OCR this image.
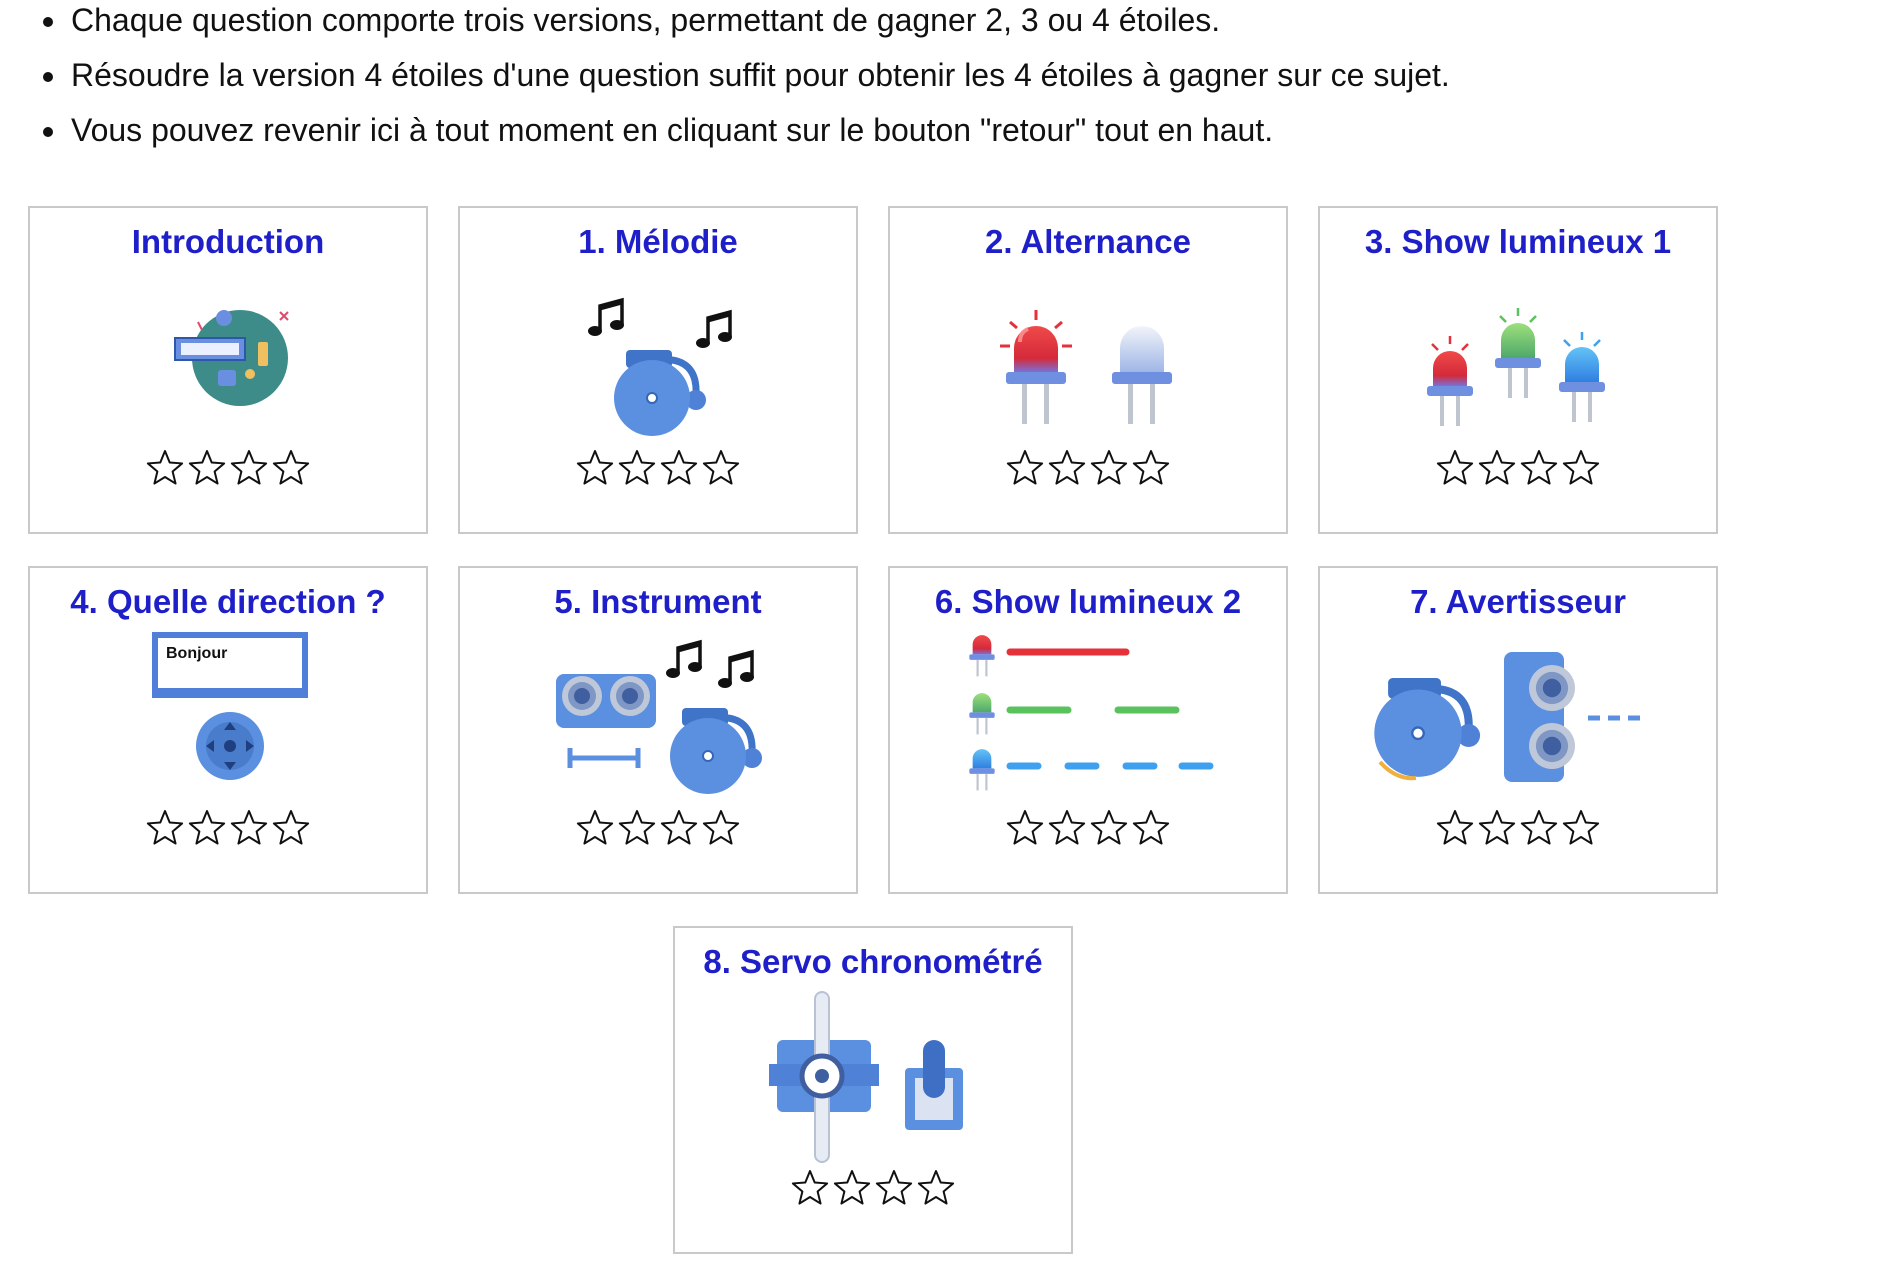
Chaque question comporte trois versions, permettant de gagner 2, 3 ou 4 étoiles.
Résoudre la version 4 étoiles d'une question suffit pour obtenir les 4 étoiles à gagner sur ce sujet.
Vous pouvez revenir ici à tout moment en cliquant sur le bouton "retour" tout en haut.
Introduction	1. Mélodie	2. Alternance	3. Show lumineux 1
4. Quelle direction ?
Bonjour
5. Instrument	6. Show lumineux 2	7. Avertisseur
8. Servo chronométré
